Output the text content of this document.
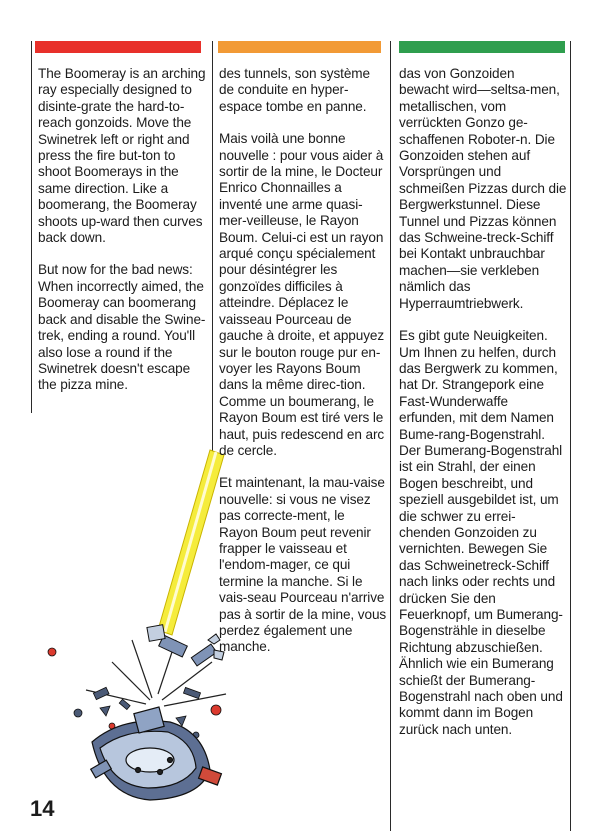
The Boomeray is an arching ray especially designed to disinte-grate the hard-to-reach gonzoids. Move the Swinetrek left or right and press the fire but-ton to shoot Boomerays in the same direction. Like a boomerang, the Boomeray shoots up-ward then curves back down.

But now for the bad news: When incorrectly aimed, the Boomeray can boomerang back and disable the Swine-trek, ending a round. You'll also lose a round if the Swinetrek doesn't escape the pizza mine.

des tunnels, son système de conduite en hyper-espace tombe en panne.

Mais voilà une bonne nouvelle : pour vous aider à sortir de la mine, le Docteur Enrico Chonnailles a inventé une arme quasi-mer-veilleuse, le Rayon Boum. Celui-ci est un rayon arqué conçu spécialement pour désintégrer les gonzoïdes difficiles à atteindre. Déplacez le vaisseau Pourceau de gauche à droite, et appuyez sur le bouton rouge pur en-voyer les Rayons Boum dans la même direc-tion. Comme un boumerang, le Rayon Boum est tiré vers le haut, puis redescend en arc de cercle.

Et maintenant, la mau-vaise nouvelle: si vous ne visez pas correcte-ment, le Rayon Boum peut revenir frapper le vaisseau et l'endom-mager, ce qui termine la manche. Si le vais-seau Pourceau n'arrive pas à sortir de la mine, vous perdez également une manche.

das von Gonzoiden bewacht wird—seltsa-men, metallischen, vom verrückten Gonzo ge-schaffenen Roboter-n. Die Gonzoiden stehen auf Vorsprüngen und schmeißen Pizzas durch die Bergwerkstunnel. Diese Tunnel und Pizzas können das Schweine-treck-Schiff bei Kontakt unbrauchbar machen—sie verkleben nämlich das Hyperraumtriebwerk.

Es gibt gute Neuigkeiten. Um Ihnen zu helfen, durch das Bergwerk zu kommen, hat Dr. Strangepork eine Fast-Wunderwaffe erfunden, mit dem Namen Bume-rang-Bogenstrahl. Der Bumerang-Bogenstrahl ist ein Strahl, der einen Bogen beschreibt, und speziell ausgebildet ist, um die schwer zu errei-chenden Gonzoiden zu vernichten. Bewegen Sie das Schweinetreck-Schiff nach links oder rechts und drücken Sie den Feuerknopf, um Bumerang-Bogensträhle in dieselbe Richtung abzuschießen. Ähnlich wie ein Bumerang schießt der Bumerang-Bogenstrahl nach oben und kommt dann im Bogen zurück nach unten.

14
